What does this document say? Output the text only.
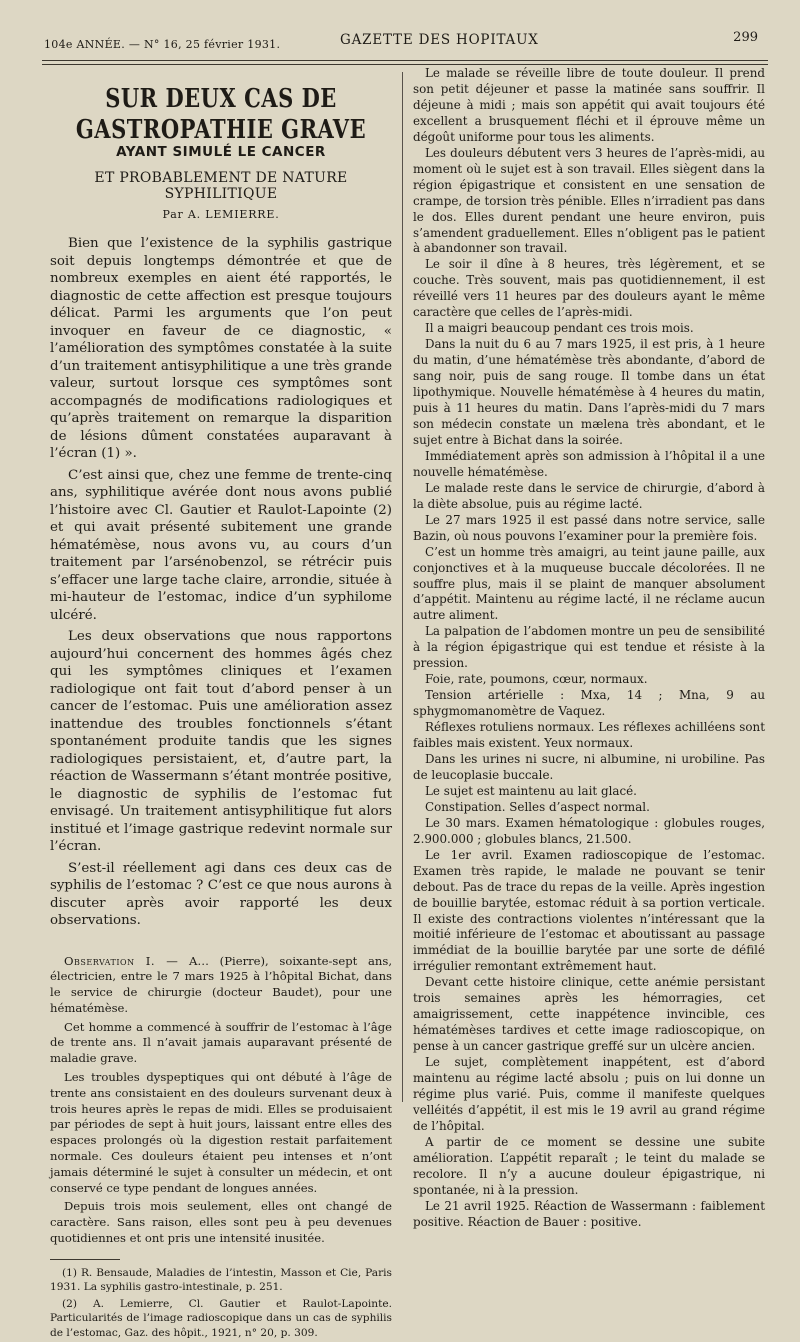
104e ANNÉE. — N° 16, 25 février 1931.	GAZETTE DES HOPITAUX	299
SUR DEUX CAS DE GASTROPATHIE GRAVE
AYANT SIMULÉ LE CANCER
ET PROBABLEMENT DE NATURE SYPHILITIQUE
Par A. LEMIERRE.

Bien que l’existence de la syphilis gastrique soit depuis longtemps démontrée et que de nombreux exemples en aient été rapportés, le diagnostic de cette affection est presque toujours délicat. Parmi les arguments que l’on peut invoquer en faveur de ce diagnostic, « l’amélioration des symptômes constatée à la suite d’un traitement antisyphilitique a une très grande valeur, surtout lorsque ces symptômes sont accompagnés de modifications radiologiques et qu’après traitement on remarque la disparition de lésions dûment constatées auparavant à l’écran (1) ».

C’est ainsi que, chez une femme de trente-cinq ans, syphilitique avérée dont nous avons publié l’histoire avec Cl. Gautier et Raulot-Lapointe (2) et qui avait présenté subitement une grande hématémèse, nous avons vu, au cours d’un traitement par l’arsénobenzol, se rétrécir puis s’effacer une large tache claire, arrondie, située à mi-hauteur de l’estomac, indice d’un syphilome ulcéré.

Les deux observations que nous rapportons aujourd’hui concernent des hommes âgés chez qui les symptômes cliniques et l’examen radiologique ont fait tout d’abord penser à un cancer de l’estomac. Puis une amélioration assez inattendue des troubles fonctionnels s’étant spontanément produite tandis que les signes radiologiques persistaient, et, d’autre part, la réaction de Wassermann s’étant montrée positive, le diagnostic de syphilis de l’estomac fut envisagé. Un traitement antisyphilitique fut alors institué et l’image gastrique redevint normale sur l’écran.

S’est-il réellement agi dans ces deux cas de syphilis de l’estomac ? C’est ce que nous aurons à discuter après avoir rapporté les deux observations.

Observation I. — A… (Pierre), soixante-sept ans, électricien, entre le 7 mars 1925 à l’hôpital Bichat, dans le service de chirurgie (docteur Baudet), pour une hématémèse.

Cet homme a commencé à souffrir de l’estomac à l’âge de trente ans. Il n’avait jamais auparavant présenté de maladie grave.

Les troubles dyspeptiques qui ont débuté à l’âge de trente ans consistaient en des douleurs survenant deux à trois heures après le repas de midi. Elles se produisaient par périodes de sept à huit jours, laissant entre elles des espaces prolongés où la digestion restait parfaitement normale. Ces douleurs étaient peu intenses et n’ont jamais déterminé le sujet à consulter un médecin, et ont conservé ce type pendant de longues années.

Depuis trois mois seulement, elles ont changé de caractère. Sans raison, elles sont peu à peu devenues quotidiennes et ont pris une intensité inusitée.

(1) R. Bensaude, Maladies de l’intestin, Masson et Cie, Paris 1931. La syphilis gastro-intestinale, p. 251.

(2) A. Lemierre, Cl. Gautier et Raulot-Lapointe. Particularités de l’image radioscopique dans un cas de syphilis de l’estomac, Gaz. des hôpit., 1921, n° 20, p. 309.

Le malade se réveille libre de toute douleur. Il prend son petit déjeuner et passe la matinée sans souffrir. Il déjeune à midi ; mais son appétit qui avait toujours été excellent a brusquement fléchi et il éprouve même un dégoût uniforme pour tous les aliments.

Les douleurs débutent vers 3 heures de l’après-midi, au moment où le sujet est à son travail. Elles siègent dans la région épigastrique et consistent en une sensation de crampe, de torsion très pénible. Elles n’irradient pas dans le dos. Elles durent pendant une heure environ, puis s’amendent graduellement. Elles n’obligent pas le patient à abandonner son travail.

Le soir il dîne à 8 heures, très légèrement, et se couche. Très souvent, mais pas quotidiennement, il est réveillé vers 11 heures par des douleurs ayant le même caractère que celles de l’après-midi.

Il a maigri beaucoup pendant ces trois mois.

Dans la nuit du 6 au 7 mars 1925, il est pris, à 1 heure du matin, d’une hématémèse très abondante, d’abord de sang noir, puis de sang rouge. Il tombe dans un état lipothymique. Nouvelle hématémèse à 4 heures du matin, puis à 11 heures du matin. Dans l’après-midi du 7 mars son médecin constate un mælena très abondant, et le sujet entre à Bichat dans la soirée.

Immédiatement après son admission à l’hôpital il a une nouvelle hématémèse.

Le malade reste dans le service de chirurgie, d’abord à la diète absolue, puis au régime lacté.

Le 27 mars 1925 il est passé dans notre service, salle Bazin, où nous pouvons l’examiner pour la première fois.

C’est un homme très amaigri, au teint jaune paille, aux conjonctives et à la muqueuse buccale décolorées. Il ne souffre plus, mais il se plaint de manquer absolument d’appétit. Maintenu au régime lacté, il ne réclame aucun autre aliment.

La palpation de l’abdomen montre un peu de sensibilité à la région épigastrique qui est tendue et résiste à la pression.

Foie, rate, poumons, cœur, normaux.

Tension artérielle : Mxa, 14 ; Mna, 9 au sphygmomanomètre de Vaquez.

Réflexes rotuliens normaux. Les réflexes achilléens sont faibles mais existent. Yeux normaux.

Dans les urines ni sucre, ni albumine, ni urobiline. Pas de leucoplasie buccale.

Le sujet est maintenu au lait glacé.

Constipation. Selles d’aspect normal.

Le 30 mars. Examen hématologique : globules rouges, 2.900.000 ; globules blancs, 21.500.

Le 1er avril. Examen radioscopique de l’estomac. Examen très rapide, le malade ne pouvant se tenir debout. Pas de trace du repas de la veille. Après ingestion de bouillie barytée, estomac réduit à sa portion verticale. Il existe des contractions violentes n’intéressant que la moitié inférieure de l’estomac et aboutissant au passage immédiat de la bouillie barytée par une sorte de défilé irrégulier remontant extrêmement haut.

Devant cette histoire clinique, cette anémie persistant trois semaines après les hémorragies, cet amaigrissement, cette inappétence invincible, ces hématémèses tardives et cette image radioscopique, on pense à un cancer gastrique greffé sur un ulcère ancien.

Le sujet, complètement inappétent, est d’abord maintenu au régime lacté absolu ; puis on lui donne un régime plus varié. Puis, comme il manifeste quelques velléités d’appétit, il est mis le 19 avril au grand régime de l’hôpital.

A partir de ce moment se dessine une subite amélioration. L’appétit reparaît ; le teint du malade se recolore. Il n’y a aucune douleur épigastrique, ni spontanée, ni à la pression.

Le 21 avril 1925. Réaction de Wassermann : faiblement positive. Réaction de Bauer : positive.
